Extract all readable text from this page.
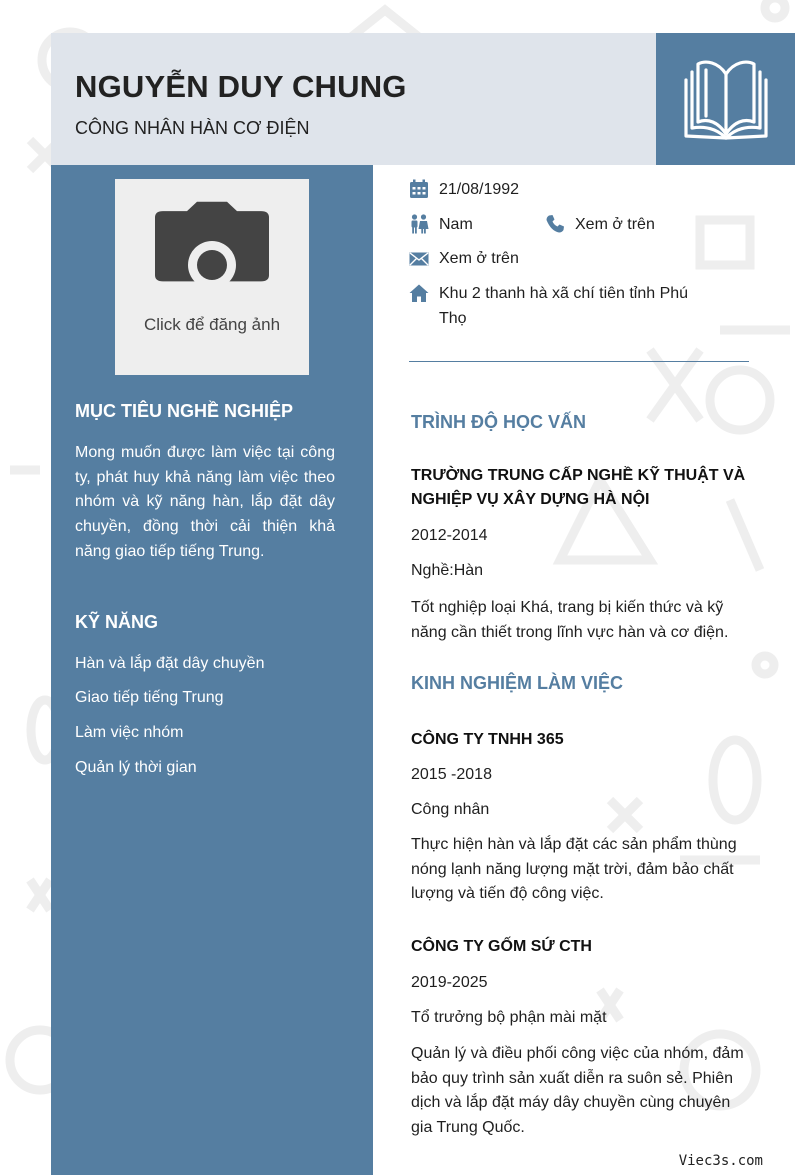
NGUYỄN DUY CHUNG
CÔNG NHÂN HÀN CƠ ĐIỆN
Click để đăng ảnh
MỤC TIÊU NGHỀ NGHIỆP
Mong muốn được làm việc tại công ty, phát huy khả năng làm việc theo nhóm và kỹ năng hàn, lắp đặt dây chuyền, đồng thời cải thiện khả năng giao tiếp tiếng Trung.
KỸ NĂNG
Hàn và lắp đặt dây chuyền
Giao tiếp tiếng Trung
Làm việc nhóm
Quản lý thời gian
21/08/1992
Nam	Xem ở trên
Xem ở trên
Khu 2 thanh hà xã chí tiên tỉnh Phú
Thọ
TRÌNH ĐỘ HỌC VẤN
TRƯỜNG TRUNG CẤP NGHỀ KỸ THUẬT VÀ NGHIỆP VỤ XÂY DỰNG HÀ NỘI
2012-2014
Nghề:Hàn
Tốt nghiệp loại Khá, trang bị kiến thức và kỹ năng cần thiết trong lĩnh vực hàn và cơ điện.
KINH NGHIỆM LÀM VIỆC
CÔNG TY TNHH 365
2015 -2018
Công nhân
Thực hiện hàn và lắp đặt các sản phẩm thùng nóng lạnh năng lượng mặt trời, đảm bảo chất lượng và tiến độ công việc.
CÔNG TY GỐM SỨ CTH
2019-2025
Tổ trưởng bộ phận mài mặt
Quản lý và điều phối công việc của nhóm, đảm bảo quy trình sản xuất diễn ra suôn sẻ. Phiên dịch và lắp đặt máy dây chuyền cùng chuyên gia Trung Quốc.
Viec3s.com
